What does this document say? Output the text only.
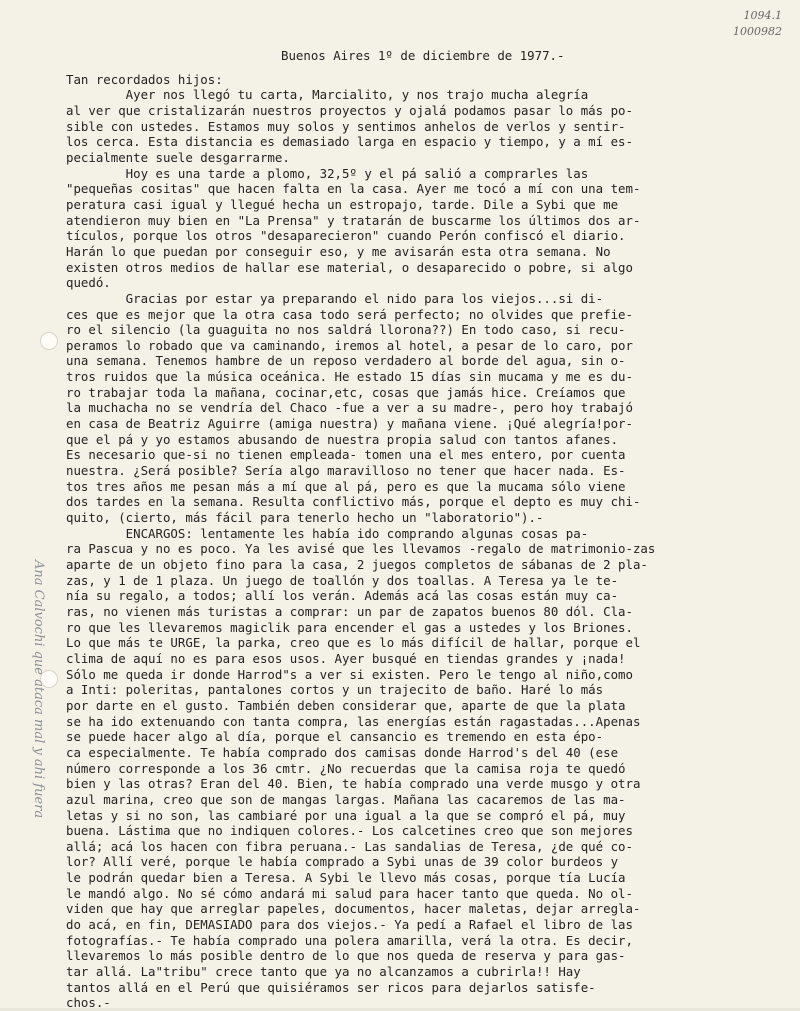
1094.1
1000982
Ana Calvochi que ataca mal y ahi fuera
Buenos Aires 1º de diciembre de 1977.-
Tan recordados hijos:
Ayer nos llegó tu carta, Marcialito, y nos trajo mucha alegría
al ver que cristalizarán nuestros proyectos y ojalá podamos pasar lo más po-
sible con ustedes. Estamos muy solos y sentimos anhelos de verlos y sentir-
los cerca. Esta distancia es demasiado larga en espacio y tiempo, y a mí es-
pecialmente suele desgarrarme.
Hoy es una tarde a plomo, 32,5º y el pá salió a comprarles las
"pequeñas cositas" que hacen falta en la casa. Ayer me tocó a mí con una tem-
peratura casi igual y llegué hecha un estropajo, tarde. Dile a Sybi que me
atendieron muy bien en "La Prensa" y tratarán de buscarme los últimos dos ar-
tículos, porque los otros "desaparecieron" cuando Perón confiscó el diario.
Harán lo que puedan por conseguir eso, y me avisarán esta otra semana. No
existen otros medios de hallar ese material, o desaparecido o pobre, si algo
quedó.
Gracias por estar ya preparando el nido para los viejos...si di-
ces que es mejor que la otra casa todo será perfecto; no olvides que prefie-
ro el silencio (la guaguita no nos saldrá llorona??) En todo caso, si recu-
peramos lo robado que va caminando, iremos al hotel, a pesar de lo caro, por
una semana. Tenemos hambre de un reposo verdadero al borde del agua, sin o-
tros ruidos que la música oceánica. He estado 15 días sin mucama y me es du-
ro trabajar toda la mañana, cocinar,etc, cosas que jamás hice. Creíamos que
la muchacha no se vendría del Chaco -fue a ver a su madre-, pero hoy trabajó
en casa de Beatriz Aguirre (amiga nuestra) y mañana viene. ¡Qué alegría!por-
que el pá y yo estamos abusando de nuestra propia salud con tantos afanes.
Es necesario que-si no tienen empleada- tomen una el mes entero, por cuenta
nuestra. ¿Será posible? Sería algo maravilloso no tener que hacer nada. Es-
tos tres años me pesan más a mí que al pá, pero es que la mucama sólo viene
dos tardes en la semana. Resulta conflictivo más, porque el depto es muy chi-
quito, (cierto, más fácil para tenerlo hecho un "laboratorio").-
ENCARGOS: lentamente les había ido comprando algunas cosas pa-
ra Pascua y no es poco. Ya les avisé que les llevamos -regalo de matrimonio-zas
aparte de un objeto fino para la casa, 2 juegos completos de sábanas de 2 pla-
zas, y 1 de 1 plaza. Un juego de toallón y dos toallas. A Teresa ya le te-
nía su regalo, a todos; allí los verán. Además acá las cosas están muy ca-
ras, no vienen más turistas a comprar: un par de zapatos buenos 80 dól. Cla-
ro que les llevaremos magiclik para encender el gas a ustedes y los Briones.
Lo que más te URGE, la parka, creo que es lo más difícil de hallar, porque el
clima de aquí no es para esos usos. Ayer busqué en tiendas grandes y ¡nada!
Sólo me queda ir donde Harrod"s a ver si existen. Pero le tengo al niño,como
a Inti: poleritas, pantalones cortos y un trajecito de baño. Haré lo más
por darte en el gusto. También deben considerar que, aparte de que la plata
se ha ido extenuando con tanta compra, las energías están ragastadas...Apenas
se puede hacer algo al día, porque el cansancio es tremendo en esta épo-
ca especialmente. Te había comprado dos camisas donde Harrod's del 40 (ese
número corresponde a los 36 cmtr. ¿No recuerdas que la camisa roja te quedó
bien y las otras? Eran del 40. Bien, te había comprado una verde musgo y otra
azul marina, creo que son de mangas largas. Mañana las cacaremos de las ma-
letas y si no son, las cambiaré por una igual a la que se compró el pá, muy
buena. Lástima que no indiquen colores.- Los calcetines creo que son mejores
allá; acá los hacen con fibra peruana.- Las sandalias de Teresa, ¿de qué co-
lor? Allí veré, porque le había comprado a Sybi unas de 39 color burdeos y
le podrán quedar bien a Teresa. A Sybi le llevo más cosas, porque tía Lucía
le mandó algo. No sé cómo andará mi salud para hacer tanto que queda. No ol-
viden que hay que arreglar papeles, documentos, hacer maletas, dejar arregla-
do acá, en fin, DEMASIADO para dos viejos.- Ya pedí a Rafael el libro de las
fotografías.- Te había comprado una polera amarilla, verá la otra. Es decir,
llevaremos lo más posible dentro de lo que nos queda de reserva y para gas-
tar allá. La"tribu" crece tanto que ya no alcanzamos a cubrirla!! Hay
tantos allá en el Perú que quisiéramos ser ricos para dejarlos satisfe-
chos.-
